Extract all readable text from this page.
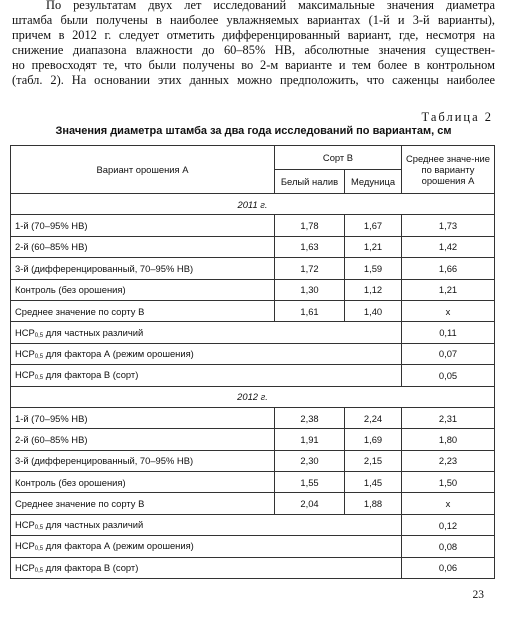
По результатам двух лет исследований максимальные значения диаметра
штамба были получены в наиболее увлажняемых вариантах (1-й и 3-й варианты),
причем в 2012 г. следует отметить дифференцированный вариант, где, несмотря на
снижение диапазона влажности до 60–85% НВ, абсолютные значения существен-
но превосходят те, что были получены во 2-м варианте и тем более в контрольном
(табл. 2). На основании этих данных можно предположить, что саженцы наиболее

Таблица 2
Значения диаметра штамба за два года исследований по вариантам, см
Вариант орошения А	Сорт В		Среднее значе-ние по варианту орошения А
	Белый налив	Медуница	
2011 г.			
1-й (70–95% НВ)	1,78	1,67	1,73
2-й (60–85% НВ)	1,63	1,21	1,42
3-й (дифференцированный, 70–95% НВ)	1,72	1,59	1,66
Контроль (без орошения)	1,30	1,12	1,21
Среднее значение по сорту В	1,61	1,40	х
$НСР_{0,5}$ для частных различий			0,11
$НСР_{0,5}$ для фактора А (режим орошения)			0,07
$НСР_{0,5}$ для фактора В (сорт)			0,05
2012 г.			
1-й (70–95% НВ)	2,38	2,24	2,31
2-й (60–85% НВ)	1,91	1,69	1,80
3-й (дифференцированный, 70–95% НВ)	2,30	2,15	2,23
Контроль (без орошения)	1,55	1,45	1,50
Среднее значение по сорту В	2,04	1,88	х
$НСР_{0,5}$ для частных различий			0,12
$НСР_{0,5}$ для фактора А (режим орошения)			0,08
$НСР_{0,5}$ для фактора В (сорт)			0,06
23
